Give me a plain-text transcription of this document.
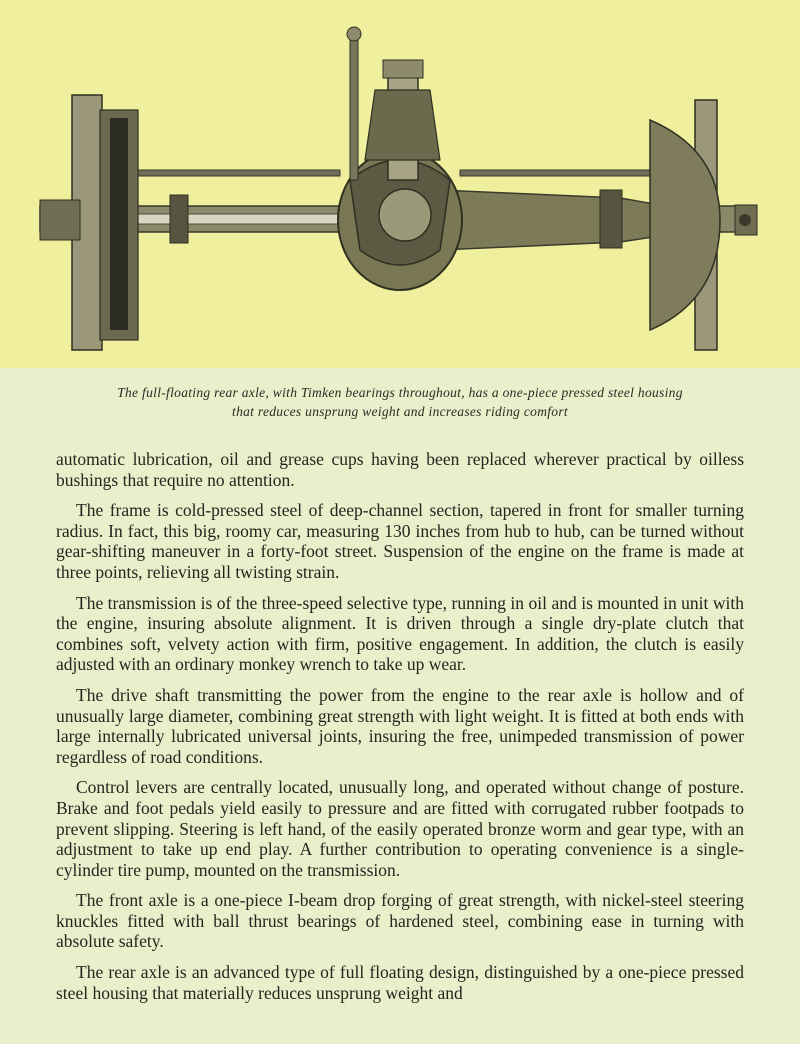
The full-floating rear axle, with Timken bearings throughout, has a one-piece pressed steel housing
that reduces unsprung weight and increases riding comfort

automatic lubrication, oil and grease cups having been replaced wherever practical by oilless bushings that require no attention.

The frame is cold-pressed steel of deep-channel section, tapered in front for smaller turning radius. In fact, this big, roomy car, measuring 130 inches from hub to hub, can be turned without gear-shifting maneuver in a forty-foot street. Suspension of the engine on the frame is made at three points, relieving all twisting strain.

The transmission is of the three-speed selective type, running in oil and is mounted in unit with the engine, insuring absolute alignment. It is driven through a single dry-plate clutch that combines soft, velvety action with firm, positive engagement. In addition, the clutch is easily adjusted with an ordinary monkey wrench to take up wear.

The drive shaft transmitting the power from the engine to the rear axle is hollow and of unusually large diameter, combining great strength with light weight. It is fitted at both ends with large internally lubricated universal joints, insuring the free, unimpeded transmission of power regardless of road conditions.

Control levers are centrally located, unusually long, and operated without change of posture. Brake and foot pedals yield easily to pressure and are fitted with corrugated rubber footpads to prevent slipping. Steering is left hand, of the easily operated bronze worm and gear type, with an adjustment to take up end play. A further contribution to operating convenience is a single-cylinder tire pump, mounted on the transmission.

The front axle is a one-piece I-beam drop forging of great strength, with nickel-steel steering knuckles fitted with ball thrust bearings of hardened steel, combining ease in turning with absolute safety.

The rear axle is an advanced type of full floating design, distinguished by a one-piece pressed steel housing that materially reduces unsprung weight and
